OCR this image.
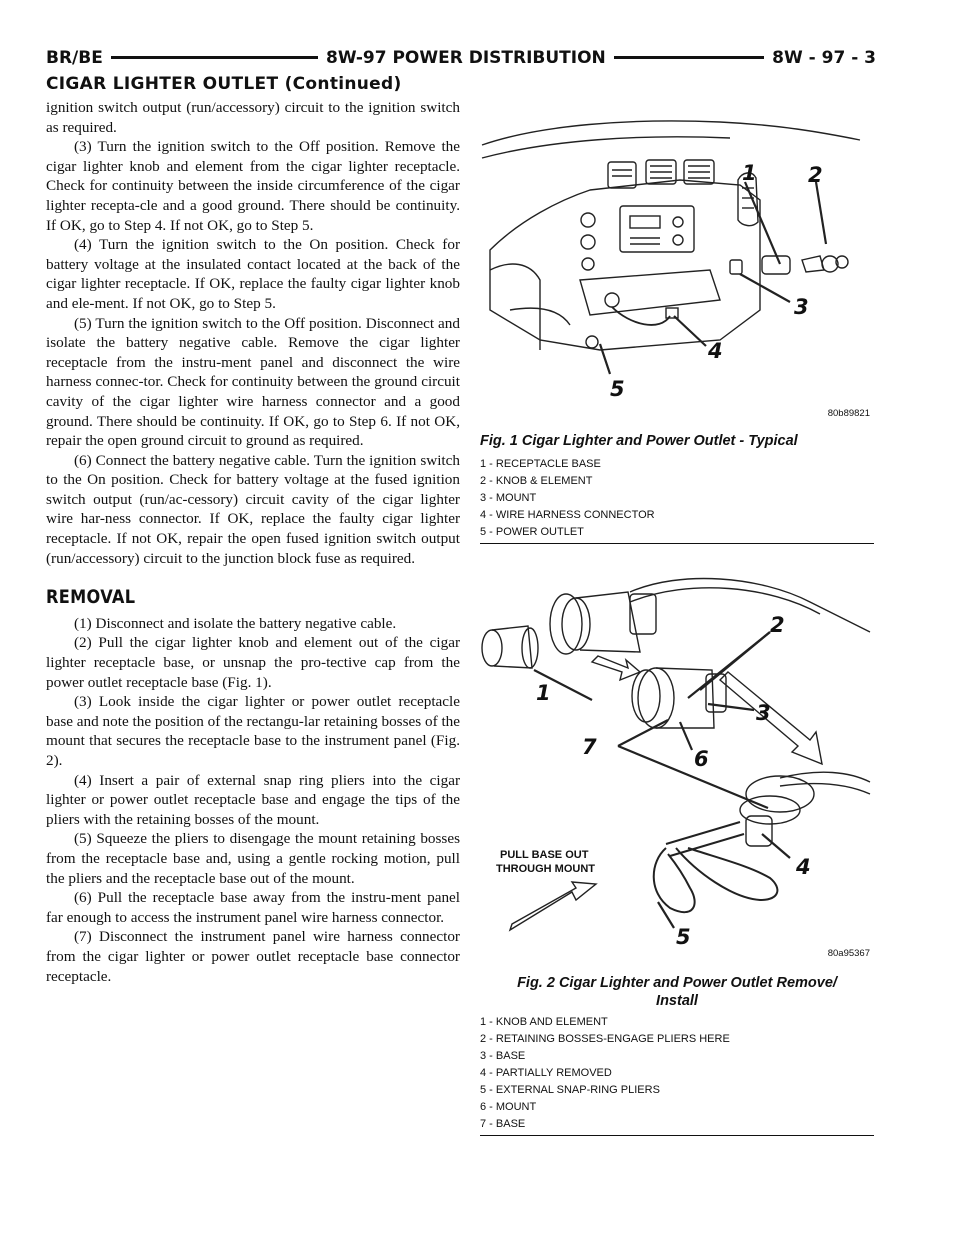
BR/BE	8W-97 POWER DISTRIBUTION	8W - 97 - 3
CIGAR LIGHTER OUTLET (Continued)

ignition switch output (run/accessory) circuit to the ignition switch as required.

(3) Turn the ignition switch to the Off position. Remove the cigar lighter knob and element from the cigar lighter receptacle. Check for continuity between the inside circumference of the cigar lighter recepta-cle and a good ground. There should be continuity. If OK, go to Step 4. If not OK, go to Step 5.

(4) Turn the ignition switch to the On position. Check for battery voltage at the insulated contact located at the back of the cigar lighter receptacle. If OK, replace the faulty cigar lighter knob and ele-ment. If not OK, go to Step 5.

(5) Turn the ignition switch to the Off position. Disconnect and isolate the battery negative cable. Remove the cigar lighter receptacle from the instru-ment panel and disconnect the wire harness connec-tor. Check for continuity between the ground circuit cavity of the cigar lighter wire harness connector and a good ground. There should be continuity. If OK, go to Step 6. If not OK, repair the open ground circuit to ground as required.

(6) Connect the battery negative cable. Turn the ignition switch to the On position. Check for battery voltage at the fused ignition switch output (run/ac-cessory) circuit cavity of the cigar lighter wire har-ness connector. If OK, replace the faulty cigar lighter receptacle. If not OK, repair the open fused ignition switch output (run/accessory) circuit to the junction block fuse as required.

REMOVAL

(1) Disconnect and isolate the battery negative cable.

(2) Pull the cigar lighter knob and element out of the cigar lighter receptacle base, or unsnap the pro-tective cap from the power outlet receptacle base (Fig. 1).

(3) Look inside the cigar lighter or power outlet receptacle base and note the position of the rectangu-lar retaining bosses of the mount that secures the receptacle base to the instrument panel (Fig. 2).

(4) Insert a pair of external snap ring pliers into the cigar lighter or power outlet receptacle base and engage the tips of the pliers with the retaining bosses of the mount.

(5) Squeeze the pliers to disengage the mount retaining bosses from the receptacle base and, using a gentle rocking motion, pull the pliers and the receptacle base out of the mount.

(6) Pull the receptacle base away from the instru-ment panel far enough to access the instrument panel wire harness connector.

(7) Disconnect the instrument panel wire harness connector from the cigar lighter or power outlet receptacle base connector receptacle.

1 2
3
4
5
80b89821
Fig. 1 Cigar Lighter and Power Outlet - Typical
1 - RECEPTACLE BASE
2 - KNOB & ELEMENT
3 - MOUNT
4 - WIRE HARNESS CONNECTOR
5 - POWER OUTLET
1
2
3
4
5
6
7
PULL BASE OUT
THROUGH MOUNT
80a95367
Fig. 2 Cigar Lighter and Power Outlet Remove/
Install
1 - KNOB AND ELEMENT
2 - RETAINING BOSSES-ENGAGE PLIERS HERE
3 - BASE
4 - PARTIALLY REMOVED
5 - EXTERNAL SNAP-RING PLIERS
6 - MOUNT
7 - BASE
